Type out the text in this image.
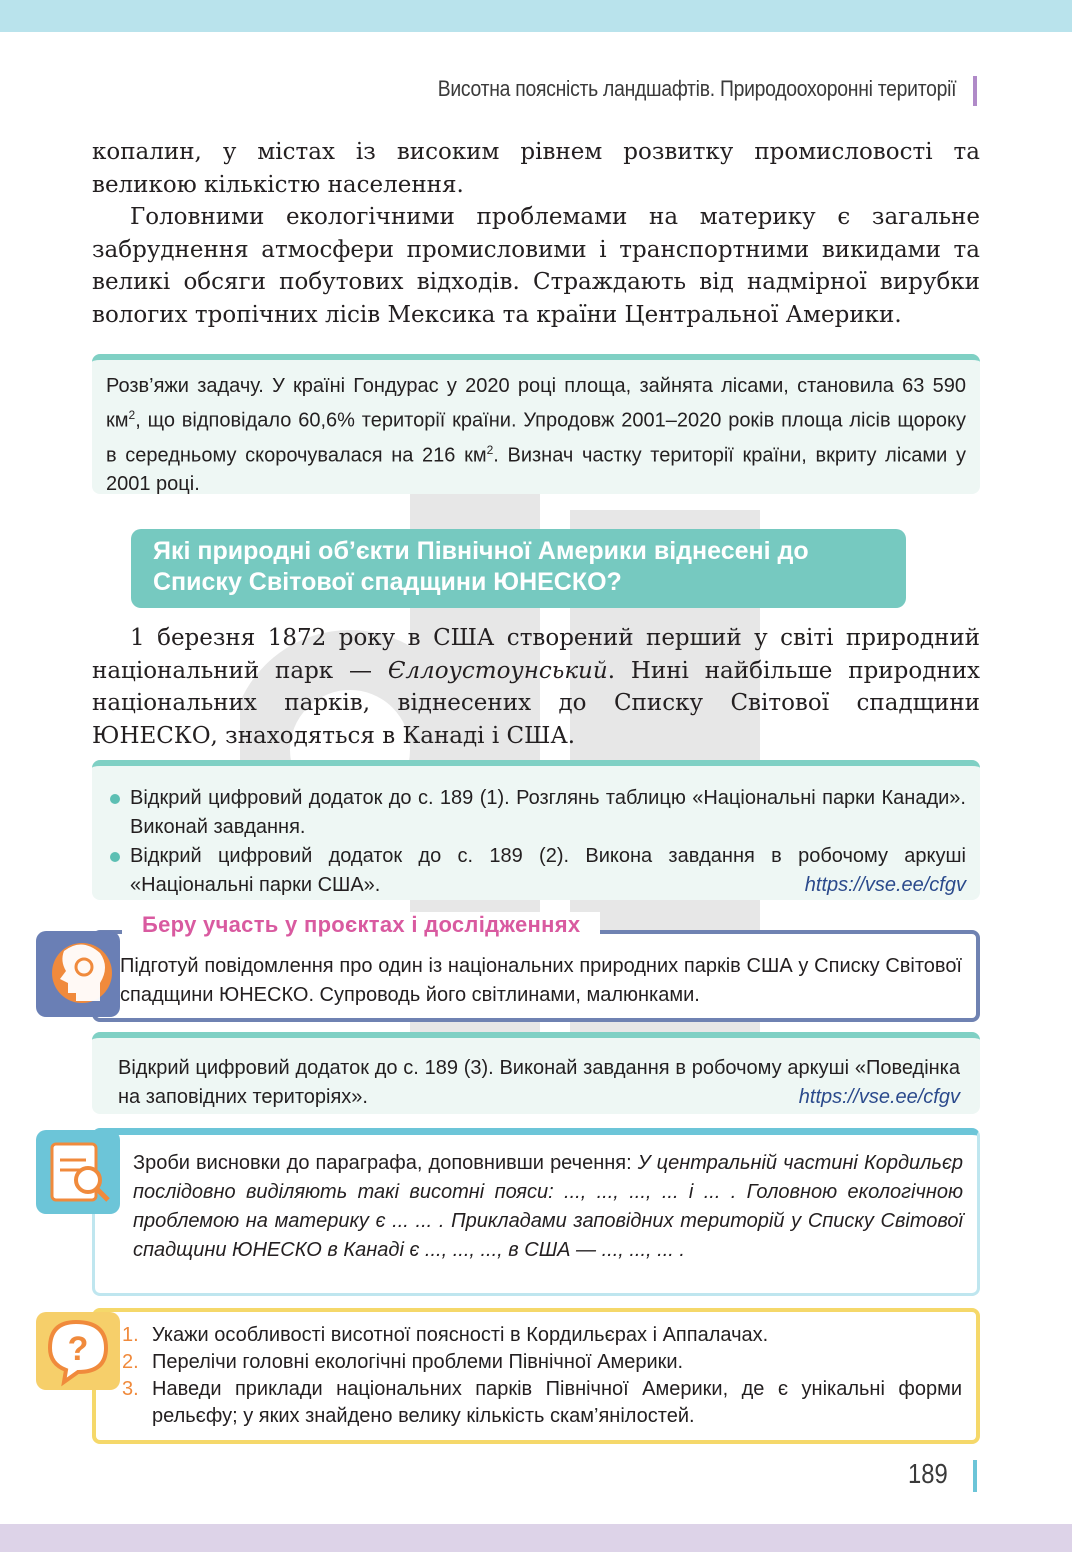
Висотна поясність ландшафтів. Природоохоронні території

копалин, у містах із високим рівнем розвитку промисловості та великою кількістю населення.

Головними екологічними проблемами на материку є загальне забруднення атмосфери промисловими і транспортними викидами та великі обсяги побутових відходів. Страждають від надмірної вирубки вологих тропічних лісів Мексика та країни Центральної Америки.

Розв’яжи задачу. У країні Гондурас у 2020 році площа, зайнята лісами, становила 63 590 $км^2$, що відповідало 60,6% території країни. Упродовж 2001–2020 років площа лісів щороку в середньому скорочувалася на 216 $км^2$. Визнач частку території країни, вкриту лісами у 2001 році.
Які природні об’єкти Північної Америки віднесені до Списку Світової спадщини ЮНЕСКО?

1 березня 1872 року в США створений перший у світі природний національний парк — Єллоустоунський. Нині найбільше природних національних парків, віднесених до Списку Світової спадщини ЮНЕСКО, знаходяться в Канаді і США.

Відкрий цифровий додаток до с. 189 (1). Розглянь таблицю «Національні парки Канади». Виконай завдання.
Відкрий цифровий додаток до с. 189 (2). Викона завдання в робочому аркуші «Національні парки США».	https://vse.ee/cfgv
Підготуй повідомлення про один із національних природних парків США у Списку Світової спадщини ЮНЕСКО. Супроводь його світлинами, малюнками.
Беру участь у проєктах і дослідженнях
Відкрий цифровий додаток до с. 189 (3). Виконай завдання в робочому аркуші «Поведінка на заповідних територіях».	https://vse.ee/cfgv
Зроби висновки до параграфа, доповнивши речення: У центральній частині Кордильєр послідовно виділяють такі висотні пояси: ..., ..., ..., ... і ... . Головною екологічною проблемою на материку є ... ... . Прикладами заповідних територій у Списку Світової спадщини ЮНЕСКО в Канаді є ..., ..., ..., в США — ..., ..., ... .
1. Укажи особливості висотної поясності в Кордильєрах і Аппалачах.
2. Перелічи головні екологічні проблеми Північної Америки.
3. Наведи приклади національних парків Північної Америки, де є унікальні форми рельєфу; у яких знайдено велику кількість скам’янілостей.
?
189
